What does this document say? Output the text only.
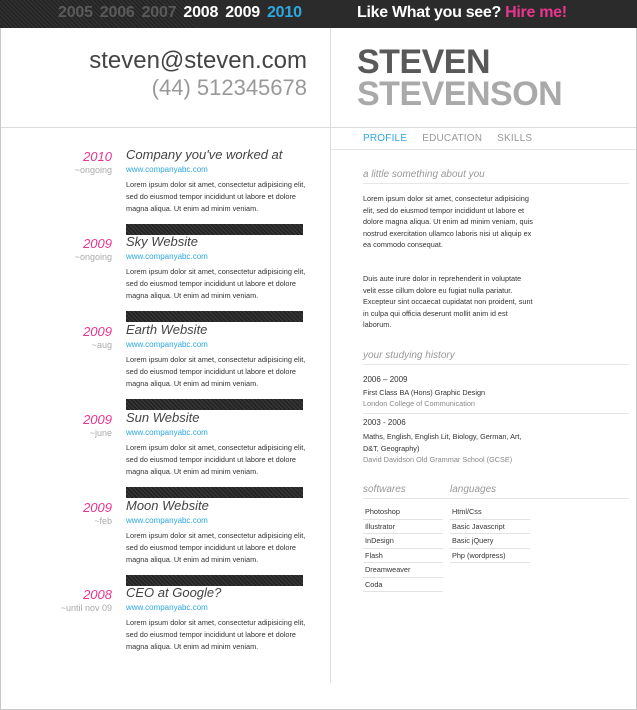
2005 2006 2007 2008 2009 2010	Like What you see? Hire me!
steven@steven.com
(44) 512345678
STEVEN
STEVENSON
PROFILE EDUCATION SKILLS
2010
~ongoing
Company you've worked at
www.companyabc.com
Lorem ipsum dolor sit amet, consectetur adipisicing elit, sed do eiusmod tempor incididunt ut labore et dolore magna aliqua. Ut enim ad minim veniam.
2009
~ongoing
Sky Website
www.companyabc.com
Lorem ipsum dolor sit amet, consectetur adipisicing elit, sed do eiusmod tempor incididunt ut labore et dolore magna aliqua. Ut enim ad minim veniam.
2009
~aug
Earth Website
www.companyabc.com
Lorem ipsum dolor sit amet, consectetur adipisicing elit, sed do eiusmod tempor incididunt ut labore et dolore magna aliqua. Ut enim ad minim veniam.
2009
~june
Sun Website
www.companyabc.com
Lorem ipsum dolor sit amet, consectetur adipisicing elit, sed do eiusmod tempor incididunt ut labore et dolore magna aliqua. Ut enim ad minim veniam.
2009
~feb
Moon Website
www.companyabc.com
Lorem ipsum dolor sit amet, consectetur adipisicing elit, sed do eiusmod tempor incididunt ut labore et dolore magna aliqua. Ut enim ad minim veniam.
2008
~until nov 09
CEO at Google?
www.companyabc.com
Lorem ipsum dolor sit amet, consectetur adipisicing elit, sed do eiusmod tempor incididunt ut labore et dolore magna aliqua. Ut enim ad minim veniam.
a little something about you
Lorem ipsum dolor sit amet, consectetur adipisicing elit, sed do eiusmod tempor incididunt ut labore et dolore magna aliqua. Ut enim ad minim veniam, quis nostrud exercitation ullamco laboris nisi ut aliquip ex ea commodo consequat.
Duis aute irure dolor in reprehenderit in voluptate velit esse cillum dolore eu fugiat nulla pariatur. Excepteur sint occaecat cupidatat non proident, sunt in culpa qui officia deserunt mollit anim id est laborum.
your studying history
2006 – 2009
First Class BA (Hons) Graphic Design
London College of Communication
2003 - 2006
Maths, English, English Lit, Biology, German, Art, D&T, Geography)
David Davidson Old Grammar School (GCSE)
softwares
Photoshop
Illustrator
InDesign
Flash
Dreamweaver
Coda
languages
Html/Css
Basic Javascript
Basic jQuery
Php (wordpress)
